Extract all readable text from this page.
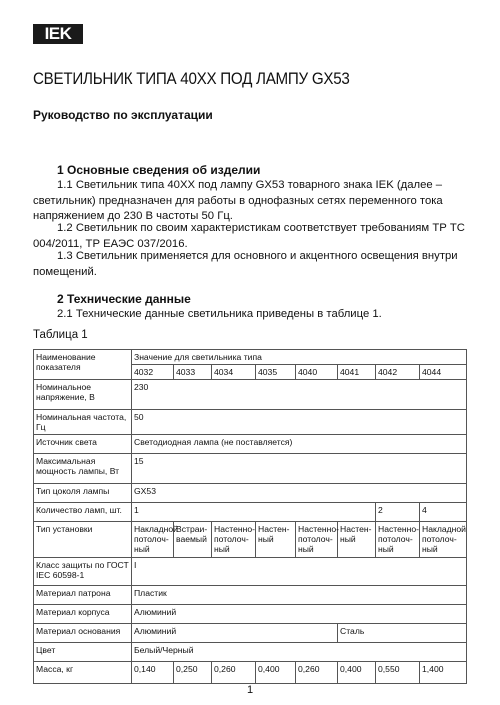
IEK
СВЕТИЛЬНИК ТИПА 40ХХ ПОД ЛАМПУ GX53
Руководство по эксплуатации
1 Основные сведения об изделии
1.1 Светильник типа 40ХХ под лампу GX53 товарного знака IEK (далее – светильник) предназначен для работы в однофазных сетях переменного тока напряжением до 230 В частоты 50 Гц.
1.2 Светильник по своим характеристикам соответствует требованиям ТР ТС 004/2011, ТР ЕАЭС 037/2016.
1.3 Светильник применяется для основного и акцентного освещения внутри помещений.
2 Технические данные
2.1 Технические данные светильника приведены в таблице 1.
Таблица 1
Наименование показателя	Значение для светильника типа							
	4032	4033	4034	4035	4040	4041	4042	4044
Номинальное напряжение, В	230							
Номинальная частота, Гц	50							
Источник света	Светодиодная лампа (не поставляется)							
Максимальная мощность лампы, Вт	15							
Тип цоколя лампы	GX53							
Количество ламп, шт.	1						2	4
Тип установки	Накладной потолоч-ный	Встраи-ваемый	Настенно-потолоч-ный	Настен-ный	Настенно-потолоч-ный	Настен-ный	Настенно-потолоч-ный	Накладной потолоч-ный
Класс защиты по ГОСТ IEC 60598-1	I							
Материал патрона	Пластик							
Материал корпуса	Алюминий							
Материал основания	Алюминий					Сталь		
Цвет	Белый/Черный							
Масса, кг	0,140	0,250	0,260	0,400	0,260	0,400	0,550	1,400
1
